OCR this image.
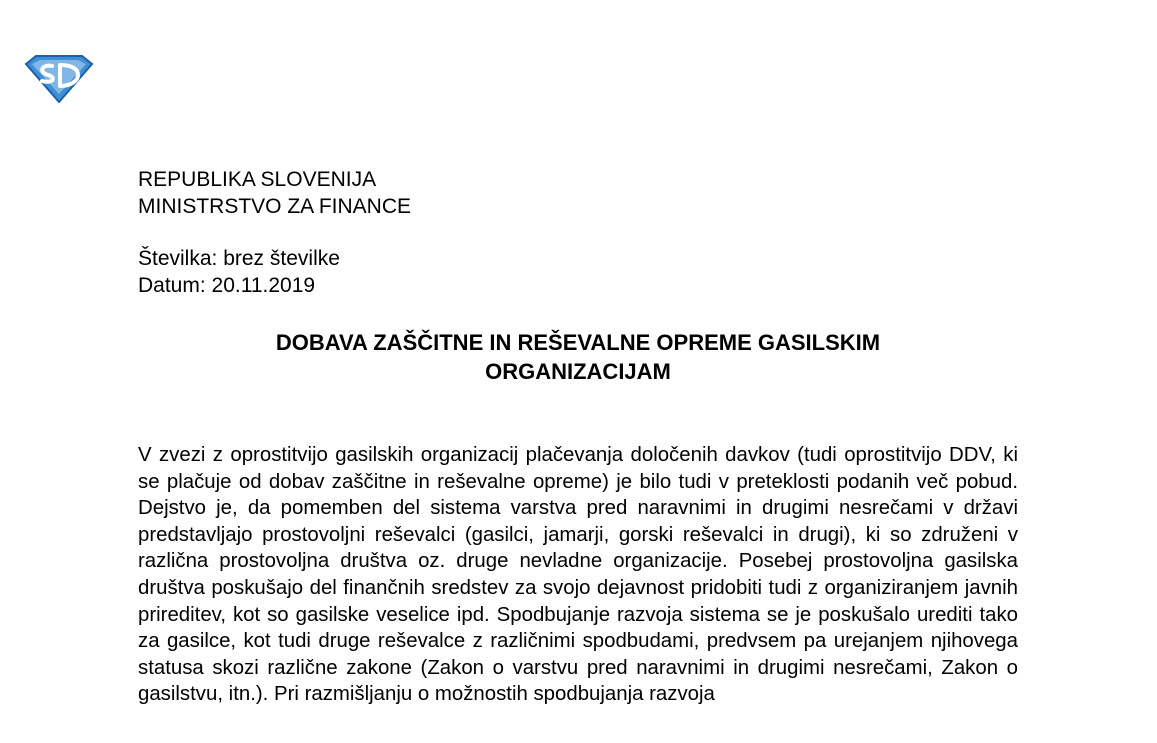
REPUBLIKA SLOVENIJA
MINISTRSTVO ZA FINANCE
Številka: brez številke
Datum: 20.11.2019
DOBAVA ZAŠČITNE IN REŠEVALNE OPREME GASILSKIM
ORGANIZACIJAM

V zvezi z oprostitvijo gasilskih organizacij plačevanja določenih davkov (tudi oprostitvijo DDV, ki se plačuje od dobav zaščitne in reševalne opreme) je bilo tudi v preteklosti podanih več pobud. Dejstvo je, da pomemben del sistema varstva pred naravnimi in drugimi nesrečami v državi predstavljajo prostovoljni reševalci (gasilci, jamarji, gorski reševalci in drugi), ki so združeni v različna prostovoljna društva oz. druge nevladne organizacije. Posebej prostovoljna gasilska društva poskušajo del finančnih sredstev za svojo dejavnost pridobiti tudi z organiziranjem javnih prireditev, kot so gasilske veselice ipd. Spodbujanje razvoja sistema se je poskušalo urediti tako za gasilce, kot tudi druge reševalce z različnimi spodbudami, predvsem pa urejanjem njihovega statusa skozi različne zakone (Zakon o varstvu pred naravnimi in drugimi nesrečami, Zakon o gasilstvu, itn.). Pri razmišljanju o možnostih spodbujanja razvoja
